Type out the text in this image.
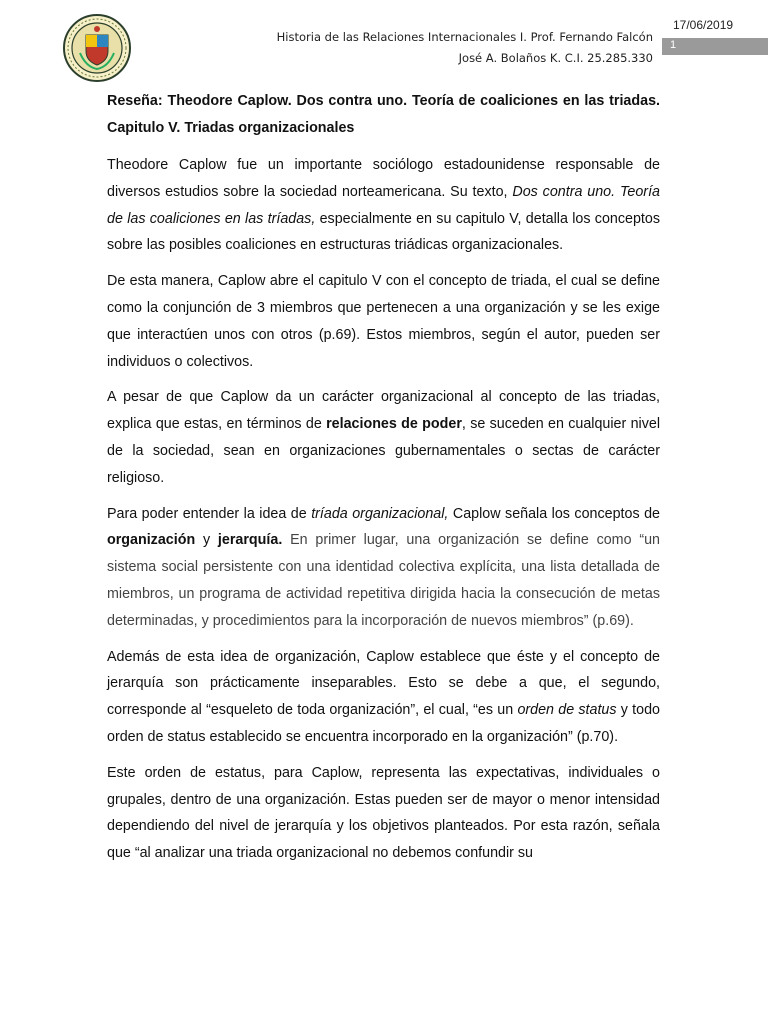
Historia de las Relaciones Internacionales I. Prof. Fernando Falcón
José A. Bolaños K. C.I. 25.285.330
17/06/2019
1
Reseña: Theodore Caplow. Dos contra uno. Teoría de coaliciones en las triadas. Capitulo V. Triadas organizacionales

Theodore Caplow fue un importante sociólogo estadounidense responsable de diversos estudios sobre la sociedad norteamericana. Su texto, Dos contra uno. Teoría de las coaliciones en las tríadas, especialmente en su capitulo V, detalla los conceptos sobre las posibles coaliciones en estructuras triádicas organizacionales.

De esta manera, Caplow abre el capitulo V con el concepto de triada, el cual se define como la conjunción de 3 miembros que pertenecen a una organización y se les exige que interactúen unos con otros (p.69). Estos miembros, según el autor, pueden ser individuos o colectivos.

A pesar de que Caplow da un carácter organizacional al concepto de las triadas, explica que estas, en términos de relaciones de poder, se suceden en cualquier nivel de la sociedad, sean en organizaciones gubernamentales o sectas de carácter religioso.

Para poder entender la idea de tríada organizacional, Caplow señala los conceptos de organización y jerarquía. En primer lugar, una organización se define como “un sistema social persistente con una identidad colectiva explícita, una lista detallada de miembros, un programa de actividad repetitiva dirigida hacia la consecución de metas determinadas, y procedimientos para la incorporación de nuevos miembros” (p.69).

Además de esta idea de organización, Caplow establece que éste y el concepto de jerarquía son prácticamente inseparables. Esto se debe a que, el segundo, corresponde al “esqueleto de toda organización”, el cual, “es un orden de status y todo orden de status establecido se encuentra incorporado en la organización” (p.70).

Este orden de estatus, para Caplow, representa las expectativas, individuales o grupales, dentro de una organización. Estas pueden ser de mayor o menor intensidad dependiendo del nivel de jerarquía y los objetivos planteados. Por esta razón, señala que “al analizar una triada organizacional no debemos confundir su
